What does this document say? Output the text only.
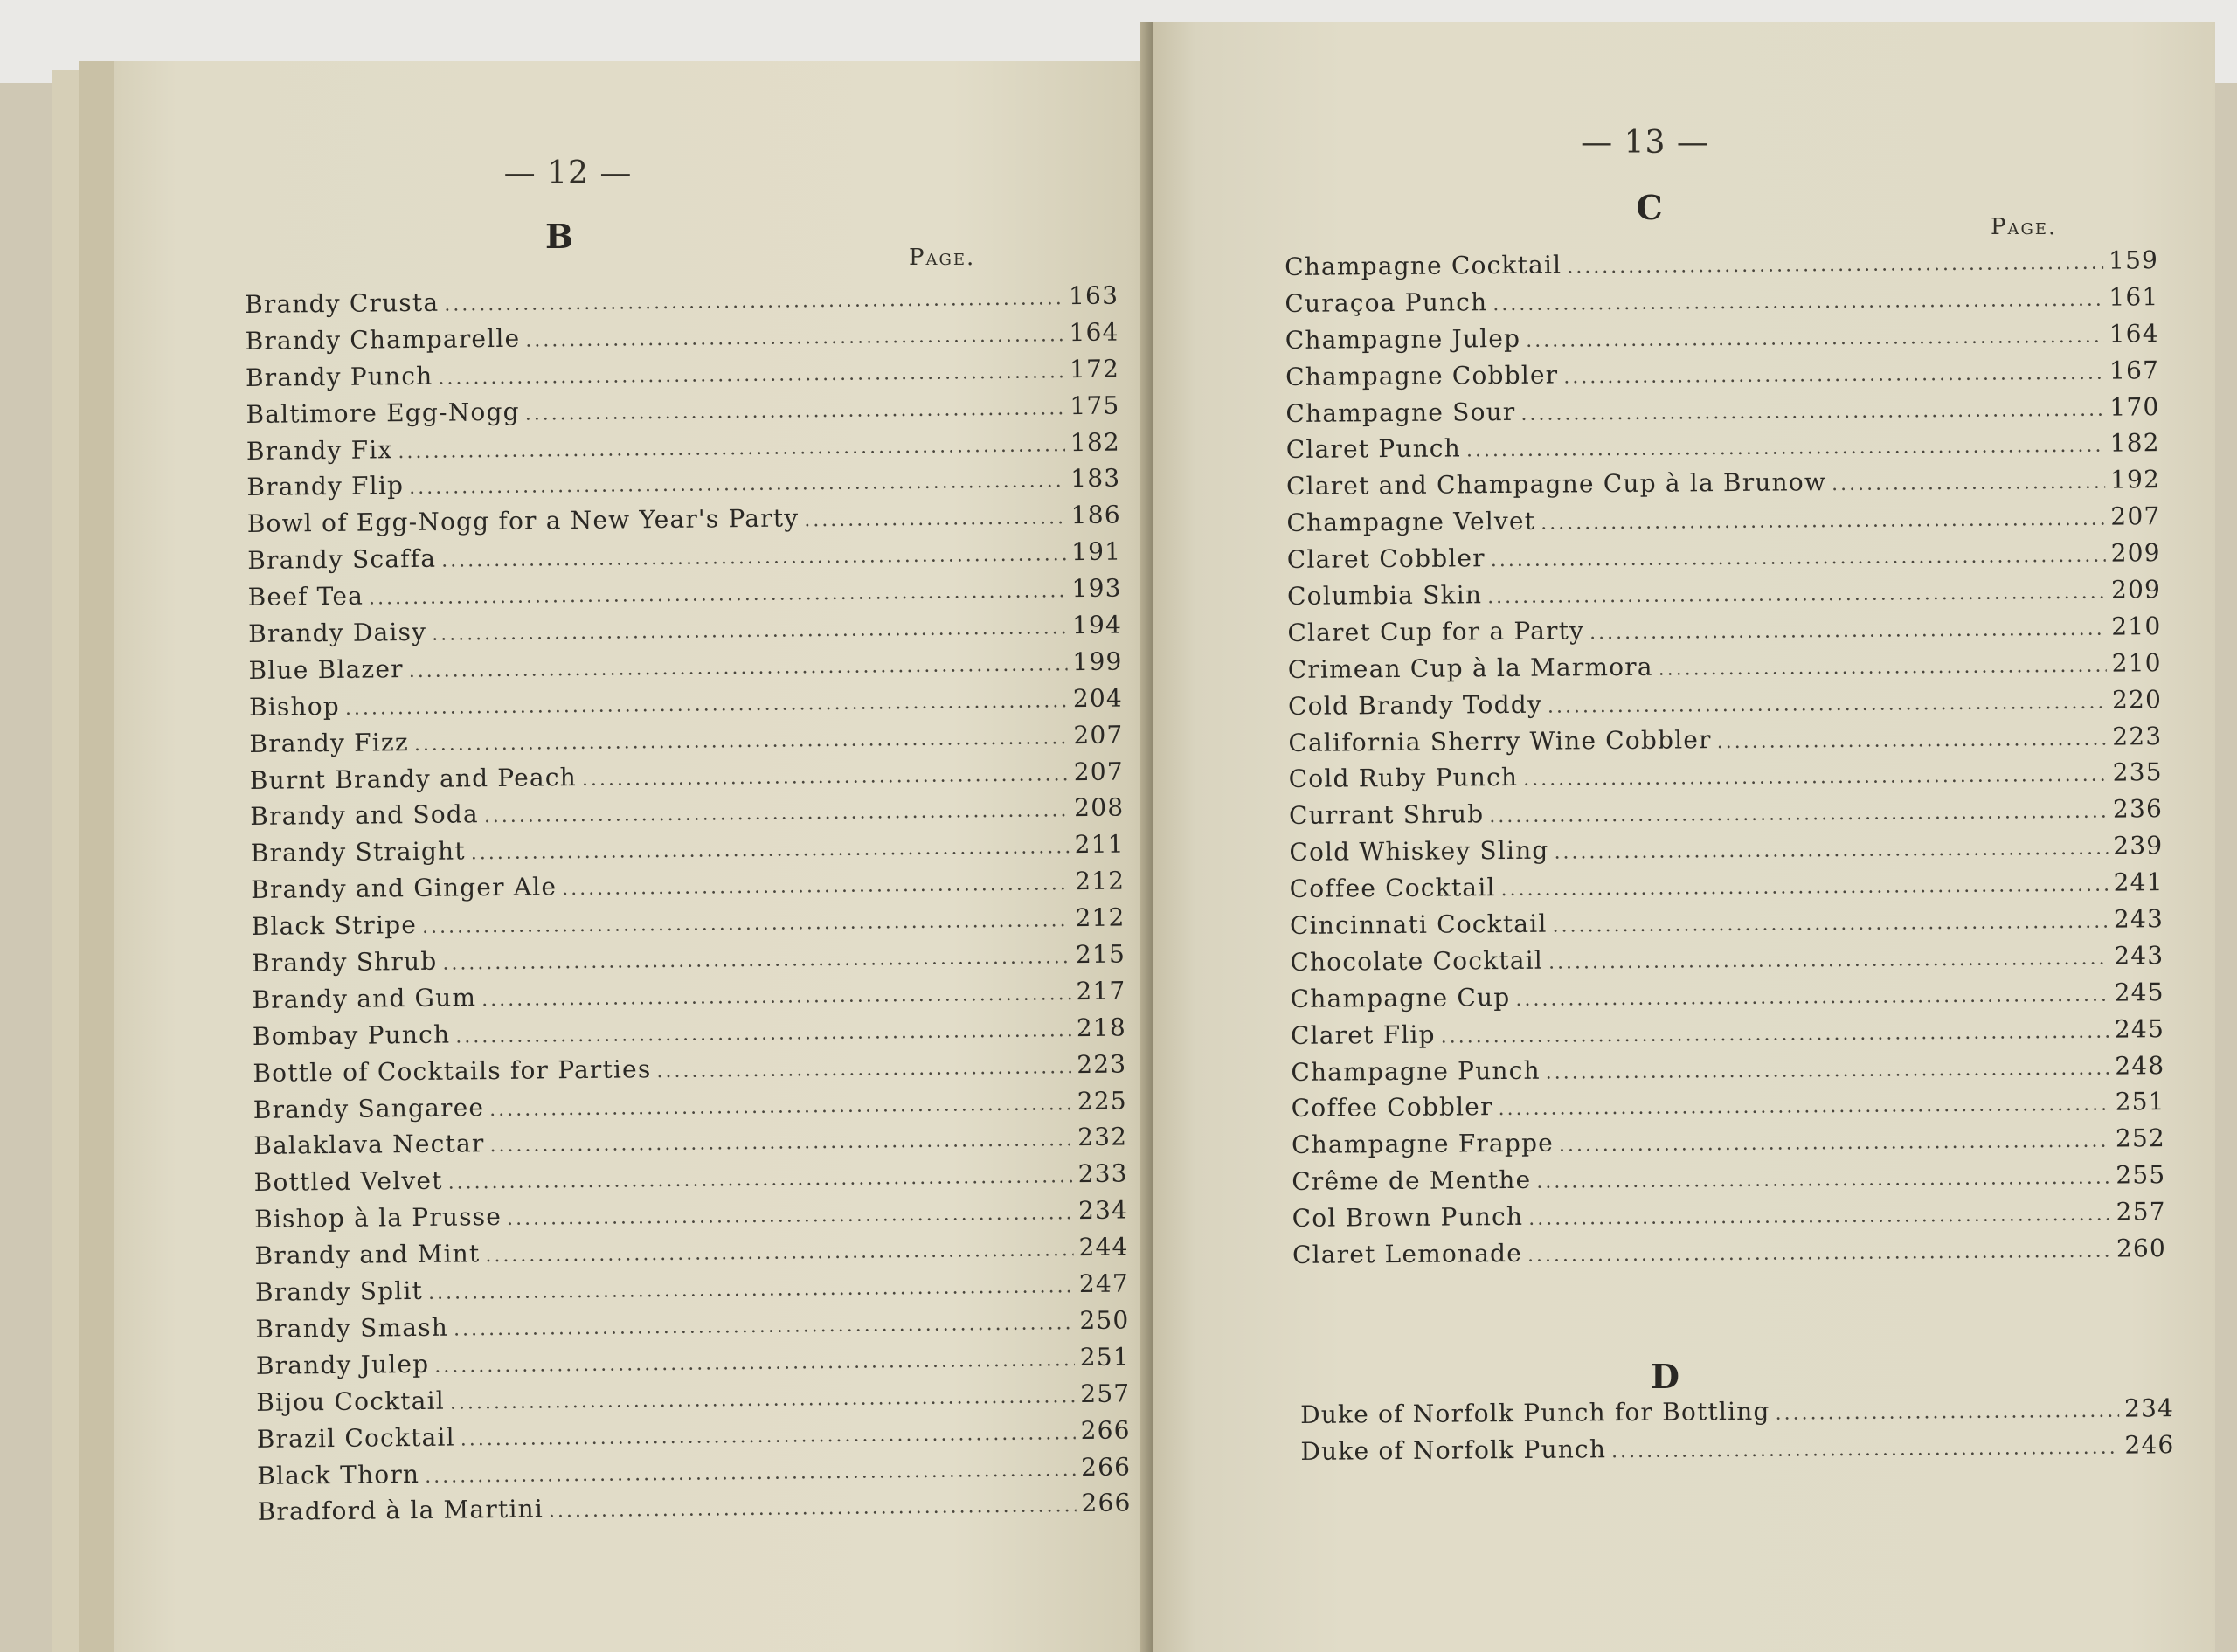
— 12 —
B
Page.
Brandy Crusta .....	163
Brandy Champarelle .....	164
Brandy Punch .....	172
Baltimore Egg-Nogg .....	175
Brandy Fix .....	182
Brandy Flip .....	183
Bowl of Egg-Nogg for a New Year's Party .....	186
Brandy Scaffa .....	191
Beef Tea .....	193
Brandy Daisy .....	194
Blue Blazer .....	199
Bishop .....	204
Brandy Fizz .....	207
Burnt Brandy and Peach .....	207
Brandy and Soda .....	208
Brandy Straight .....	211
Brandy and Ginger Ale .....	212
Black Stripe .....	212
Brandy Shrub .....	215
Brandy and Gum .....	217
Bombay Punch .....	218
Bottle of Cocktails for Parties .....	223
Brandy Sangaree .....	225
Balaklava Nectar .....	232
Bottled Velvet .....	233
Bishop à la Prusse .....	234
Brandy and Mint .....	244
Brandy Split .....	247
Brandy Smash .....	250
Brandy Julep .....	251
Bijou Cocktail .....	257
Brazil Cocktail .....	266
Black Thorn .....	266
Bradford à la Martini .....	266
— 13 —
C	Page.
Champagne Cocktail .....	159
Curaçoa Punch .....	161
Champagne Julep .....	164
Champagne Cobbler .....	167
Champagne Sour .....	170
Claret Punch .....	182
Claret and Champagne Cup à la Brunow .....	192
Champagne Velvet .....	207
Claret Cobbler .....	209
Columbia Skin .....	209
Claret Cup for a Party .....	210
Crimean Cup à la Marmora .....	210
Cold Brandy Toddy .....	220
California Sherry Wine Cobbler .....	223
Cold Ruby Punch .....	235
Currant Shrub .....	236
Cold Whiskey Sling .....	239
Coffee Cocktail .....	241
Cincinnati Cocktail .....	243
Chocolate Cocktail .....	243
Champagne Cup .....	245
Claret Flip .....	245
Champagne Punch .....	248
Coffee Cobbler .....	251
Champagne Frappe .....	252
Crême de Menthe .....	255
Col Brown Punch .....	257
Claret Lemonade .....	260
D
Duke of Norfolk Punch for Bottling .....	234
Duke of Norfolk Punch .....	246
